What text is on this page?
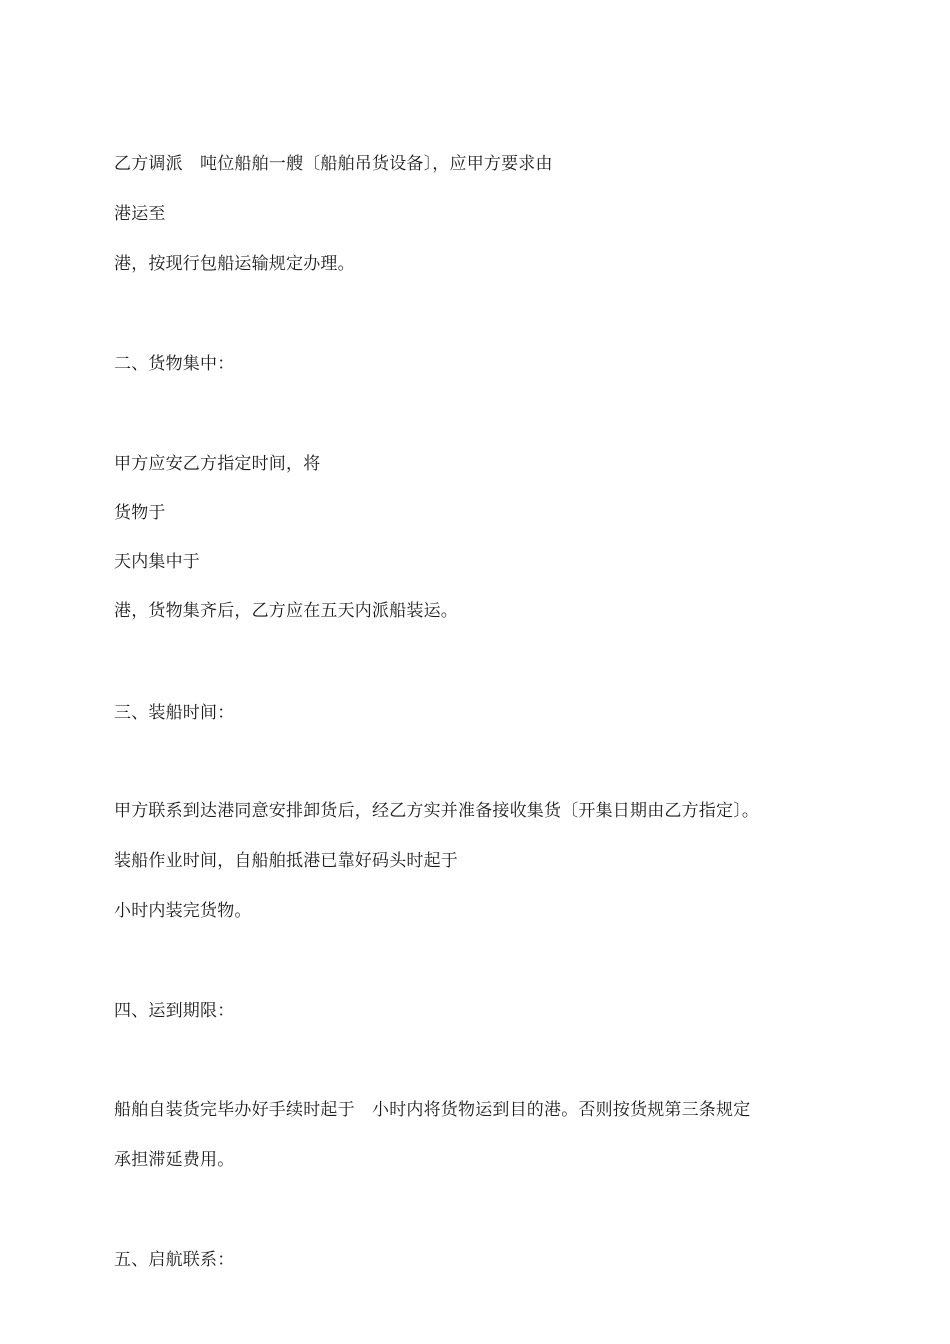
乙方调派　吨位船舶一艘〔船舶吊货设备〕，应甲方要求由
港运至
港，按现行包船运输规定办理。
二、货物集中：
甲方应安乙方指定时间，将
货物于
天内集中于
港，货物集齐后，乙方应在五天内派船装运。
三、装船时间：
甲方联系到达港同意安排卸货后，经乙方实并准备接收集货〔开集日期由乙方指定〕。
装船作业时间，自船舶抵港已靠好码头时起于
小时内装完货物。
四、运到期限：
船舶自装货完毕办好手续时起于　小时内将货物运到目的港。否则按货规第三条规定
承担滞延费用。
五、启航联系：
